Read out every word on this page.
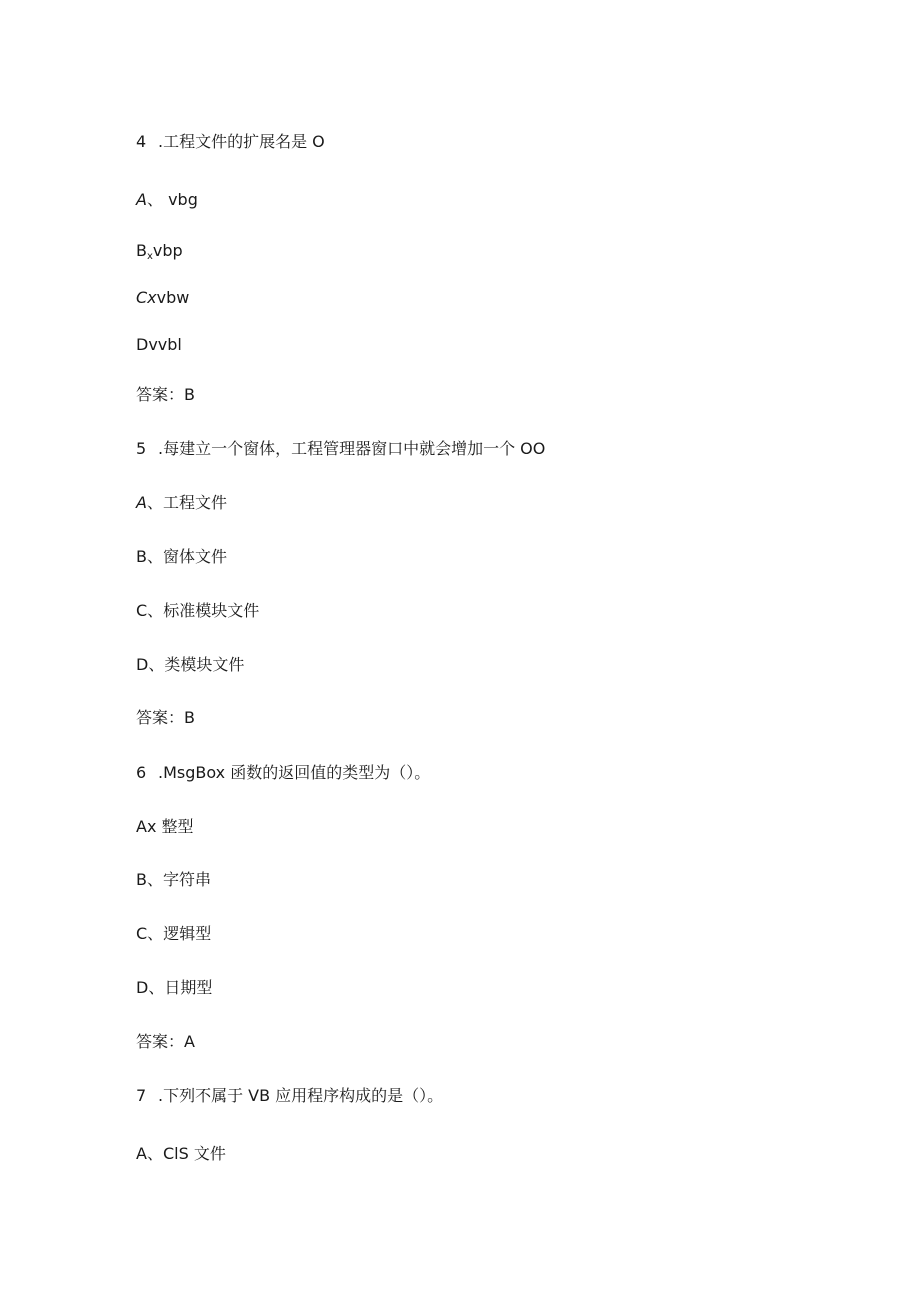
4 .工程文件的扩展名是 O
A、 vbg
Bxvbp
Cxvbw
Dvvbl
答案：B
5 .每建立一个窗体，工程管理器窗口中就会增加一个 OO
A、工程文件
B、窗体文件
C、标准模块文件
D、类模块文件
答案：B
6 .MsgBox 函数的返回值的类型为（）。
Ax 整型
B、字符串
C、逻辑型
D、日期型
答案：A
7 .下列不属于 VB 应用程序构成的是（）。
A、ClS 文件
